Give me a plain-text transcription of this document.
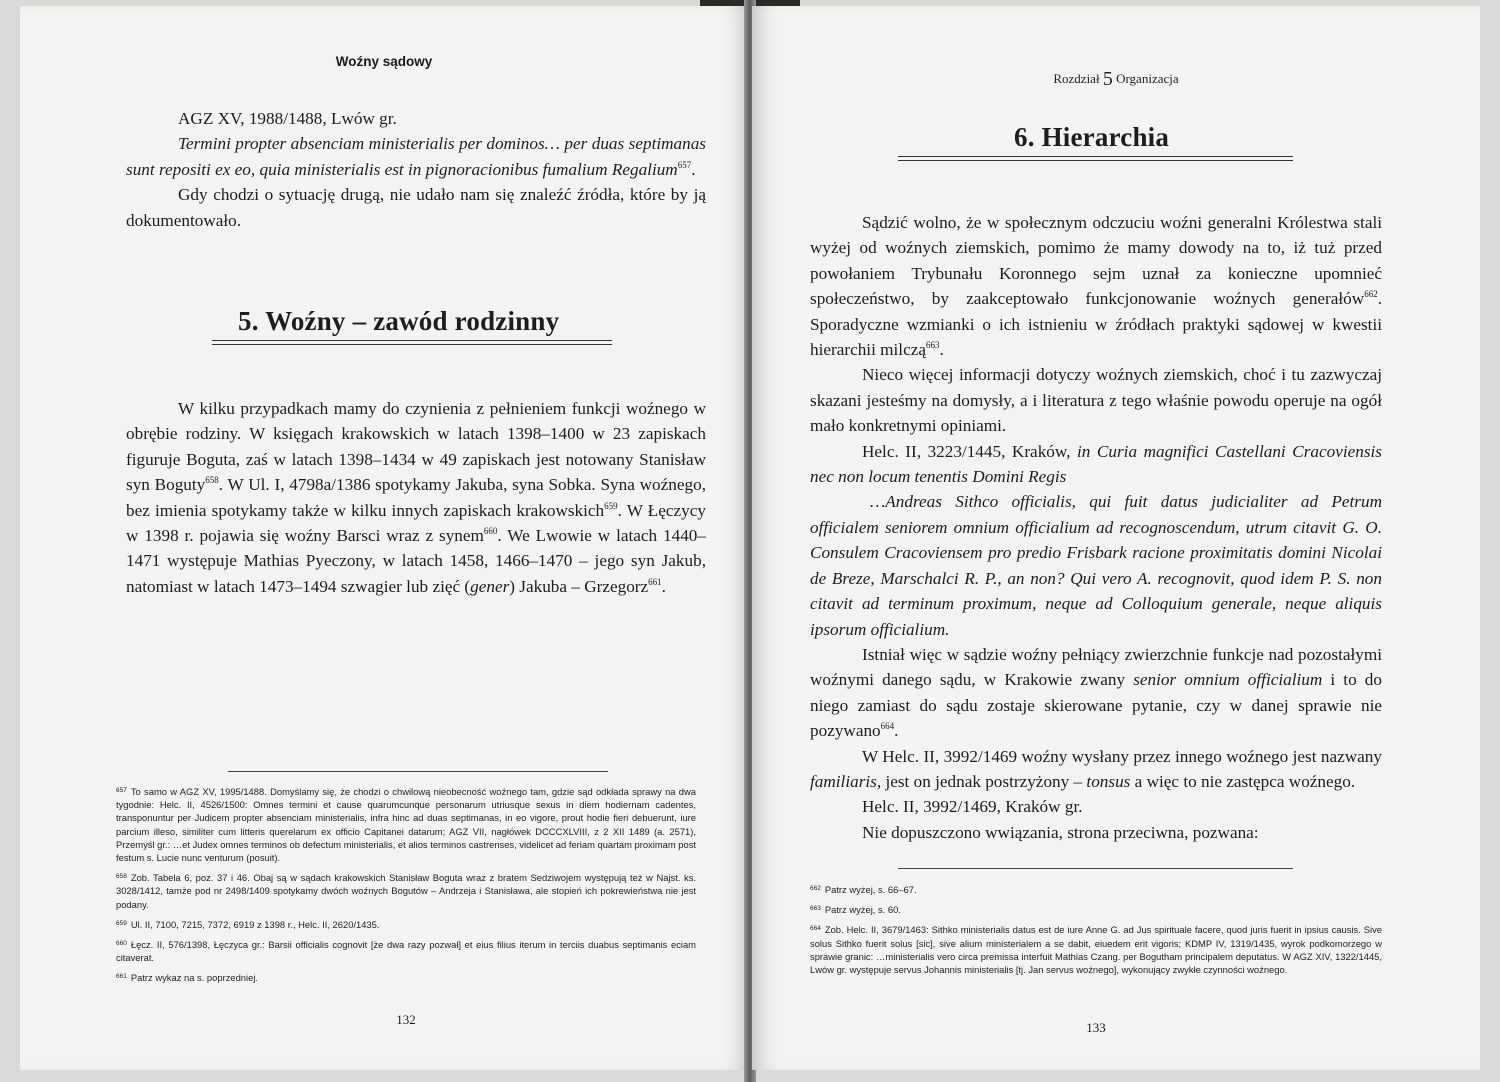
Woźny sądowy

AGZ XV, 1988/1488, Lwów gr.

Termini propter absenciam ministerialis per dominos… per duas septimanas sunt repositi ex eo, quia ministerialis est in pignoracionibus fumalium Regalium$^{657}$.

Gdy chodzi o sytuację drugą, nie udało nam się znaleźć źródła, które by ją dokumentowało.

5. Woźny – zawód rodzinny

W kilku przypadkach mamy do czynienia z pełnieniem funkcji woźnego w obrębie rodziny. W księgach krakowskich w latach 1398–1400 w 23 zapiskach figuruje Boguta, zaś w latach 1398–1434 w 49 zapiskach jest notowany Stanisław syn Boguty$^{658}$. W Ul. I, 4798a/1386 spotykamy Jakuba, syna Sobka. Syna woźnego, bez imienia spotykamy także w kilku innych zapiskach krakowskich$^{659}$. W Łęczycy w 1398 r. pojawia się woźny Barsci wraz z synem$^{660}$. We Lwowie w latach 1440–1471 występuje Mathias Pyeczony, w latach 1458, 1466–1470 – jego syn Jakub, natomiast w latach 1473–1494 szwagier lub zięć (gener) Jakuba – Grzegorz$^{661}$.

$^{657}$ To samo w AGZ XV, 1995/1488. Domyślamy się, że chodzi o chwilową nieobecność woźnego tam, gdzie sąd odkłada sprawy na dwa tygodnie: Helc. II, 4526/1500: Omnes termini et cause quarumcunque personarum utriusque sexus in diem hodiernam cadentes, transponuntur per Judicem propter absenciam ministerialis, infra hinc ad duas septimanas, in eo vigore, prout hodie fieri debuerunt, iure parcium illeso, similiter cum litteris querelarum ex officio Capitanei datarum; AGZ VII, nagłówek DCCCXLVIII, z 2 XII 1489 (a. 2571), Przemyśl gr.: …et Judex omnes terminos ob defectum ministerialis, et alios terminos castrenses, videlicet ad feriam quartam proximam post festum s. Lucie nunc venturum (posuit).

$^{658}$ Zob. Tabela 6, poz. 37 i 46. Obaj są w sądach krakowskich Stanisław Boguta wraz z bratem Sedziwojem występują też w Najst. ks. 3028/1412, tamże pod nr 2498/1409 spotykamy dwóch woźnych Bogutów – Andrzeja i Stanisława, ale stopień ich pokrewieństwa nie jest podany.

$^{659}$ Ul. II, 7100, 7215, 7372, 6919 z 1398 r., Helc. II, 2620/1435.

$^{660}$ Łęcz. II, 576/1398, Łęczyca gr.: Barsii officialis cognovit [że dwa razy pozwał] et eius filius iterum in terciis duabus septimanis eciam citaverat.

$^{661}$ Patrz wykaz na s. poprzedniej.

132
Rozdział 5 Organizacja
6. Hierarchia

Sądzić wolno, że w społecznym odczuciu woźni generalni Królestwa stali wyżej od woźnych ziemskich, pomimo że mamy dowody na to, iż tuż przed powołaniem Trybunału Koronnego sejm uznał za konieczne upomnieć społeczeństwo, by zaakceptowało funkcjonowanie woźnych generałów$^{662}$. Sporadyczne wzmianki o ich istnieniu w źródłach praktyki sądowej w kwestii hierarchii milczą$^{663}$.

Nieco więcej informacji dotyczy woźnych ziemskich, choć i tu zazwyczaj skazani jesteśmy na domysły, a i literatura z tego właśnie powodu operuje na ogół mało konkretnymi opiniami.

Helc. II, 3223/1445, Kraków, in Curia magnifici Castellani Cracoviensis nec non locum tenentis Domini Regis

…Andreas Sithco officialis, qui fuit datus judicialiter ad Petrum officialem seniorem omnium officialium ad recognoscendum, utrum citavit G. O. Consulem Cracoviensem pro predio Frisbark racione proximitatis domini Nicolai de Breze, Marschalci R. P., an non? Qui vero A. recognovit, quod idem P. S. non citavit ad terminum proximum, neque ad Colloquium generale, neque aliquis ipsorum officialium.

Istniał więc w sądzie woźny pełniący zwierzchnie funkcje nad pozostałymi woźnymi danego sądu, w Krakowie zwany senior omnium officialium i to do niego zamiast do sądu zostaje skierowane pytanie, czy w danej sprawie nie pozywano$^{664}$.

W Helc. II, 3992/1469 woźny wysłany przez innego woźnego jest nazwany familiaris, jest on jednak postrzyżony – tonsus a więc to nie zastępca woźnego.

Helc. II, 3992/1469, Kraków gr.

Nie dopuszczono wwiązania, strona przeciwna, pozwana:

$^{662}$ Patrz wyżej, s. 66–67.

$^{663}$ Patrz wyżej, s. 60.

$^{664}$ Zob. Helc. II, 3679/1463: Sithko ministerialis datus est de iure Anne G. ad Jus spirituale facere, quod juris fuerit in ipsius causis. Sive solus Sithko fuerit solus [sic], sive alium ministerialem a se dabit, eiuedem erit vigoris; KDMP IV, 1319/1435, wyrok podkomorzego w sprawie granic: …ministerialis vero circa premissa interfuit Mathias Czang. per Bogutham principalem deputatus. W AGZ XIV, 1322/1445, Lwów gr. występuje servus Johannis ministerialis [tj. Jan servus woźnego], wykonujący zwykłe czynności woźnego.

133
